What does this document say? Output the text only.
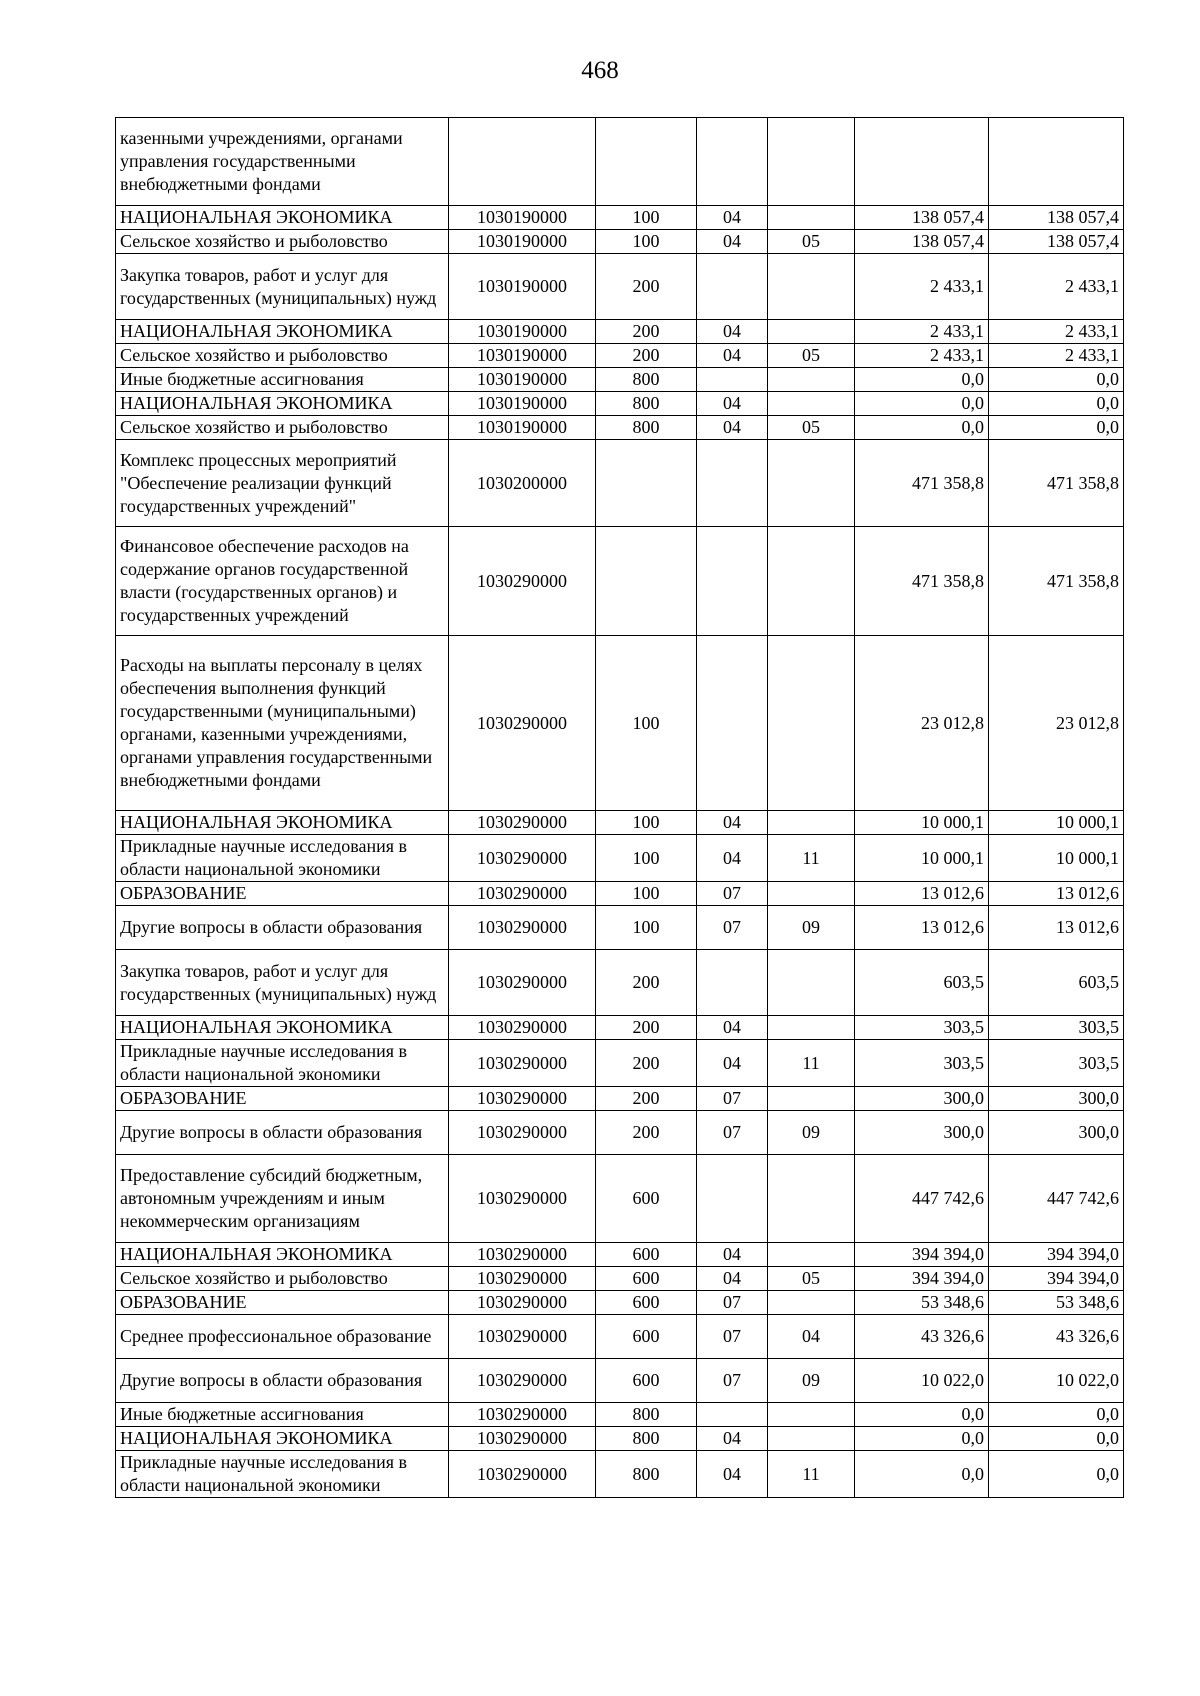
468
казенными учреждениями, органами управления государственными внебюджетными фондами						
НАЦИОНАЛЬНАЯ ЭКОНОМИКА	1030190000	100	04		138 057,4	138 057,4
Сельское хозяйство и рыболовство	1030190000	100	04	05	138 057,4	138 057,4
Закупка товаров, работ и услуг для государственных (муниципальных) нужд	1030190000	200			2 433,1	2 433,1
НАЦИОНАЛЬНАЯ ЭКОНОМИКА	1030190000	200	04		2 433,1	2 433,1
Сельское хозяйство и рыболовство	1030190000	200	04	05	2 433,1	2 433,1
Иные бюджетные ассигнования	1030190000	800			0,0	0,0
НАЦИОНАЛЬНАЯ ЭКОНОМИКА	1030190000	800	04		0,0	0,0
Сельское хозяйство и рыболовство	1030190000	800	04	05	0,0	0,0
Комплекс процессных мероприятий "Обеспечение реализации функций государственных учреждений"	1030200000				471 358,8	471 358,8
Финансовое обеспечение расходов на содержание органов государственной власти (государственных органов) и государственных учреждений	1030290000				471 358,8	471 358,8
Расходы на выплаты персоналу в целях обеспечения выполнения функций государственными (муниципальными) органами, казенными учреждениями, органами управления государственными внебюджетными фондами	1030290000	100			23 012,8	23 012,8
НАЦИОНАЛЬНАЯ ЭКОНОМИКА	1030290000	100	04		10 000,1	10 000,1
Прикладные научные исследования в области национальной экономики	1030290000	100	04	11	10 000,1	10 000,1
ОБРАЗОВАНИЕ	1030290000	100	07		13 012,6	13 012,6
Другие вопросы в области образования	1030290000	100	07	09	13 012,6	13 012,6
Закупка товаров, работ и услуг для государственных (муниципальных) нужд	1030290000	200			603,5	603,5
НАЦИОНАЛЬНАЯ ЭКОНОМИКА	1030290000	200	04		303,5	303,5
Прикладные научные исследования в области национальной экономики	1030290000	200	04	11	303,5	303,5
ОБРАЗОВАНИЕ	1030290000	200	07		300,0	300,0
Другие вопросы в области образования	1030290000	200	07	09	300,0	300,0
Предоставление субсидий бюджетным, автономным учреждениям и иным некоммерческим организациям	1030290000	600			447 742,6	447 742,6
НАЦИОНАЛЬНАЯ ЭКОНОМИКА	1030290000	600	04		394 394,0	394 394,0
Сельское хозяйство и рыболовство	1030290000	600	04	05	394 394,0	394 394,0
ОБРАЗОВАНИЕ	1030290000	600	07		53 348,6	53 348,6
Среднее профессиональное образование	1030290000	600	07	04	43 326,6	43 326,6
Другие вопросы в области образования	1030290000	600	07	09	10 022,0	10 022,0
Иные бюджетные ассигнования	1030290000	800			0,0	0,0
НАЦИОНАЛЬНАЯ ЭКОНОМИКА	1030290000	800	04		0,0	0,0
Прикладные научные исследования в области национальной экономики	1030290000	800	04	11	0,0	0,0
